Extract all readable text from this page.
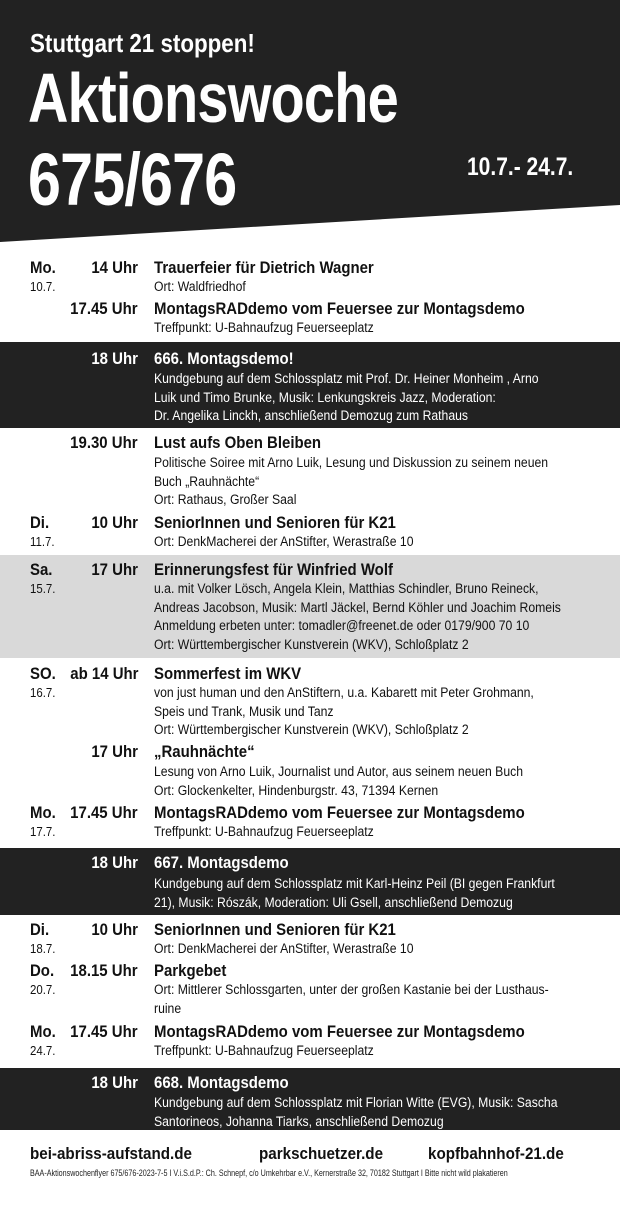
Stuttgart 21 stoppen!
Aktionswoche
675/676	10.7.- 24.7.
Mo.
10.7.
14 Uhr Trauerfeier für Dietrich Wagner
Ort: Waldfriedhof
17.45 Uhr MontagsRADdemo vom Feuersee zur Montagsdemo
Treffpunkt: U-Bahnaufzug Feuerseeplatz
18 Uhr 666. Montagsdemo!
Kundgebung auf dem Schlossplatz mit Prof. Dr. Heiner Monheim , Arno
Luik und Timo Brunke, Musik: Lenkungskreis Jazz, Moderation:
Dr. Angelika Linckh, anschließend Demozug zum Rathaus
19.30 Uhr Lust aufs Oben Bleiben
Politische Soiree mit Arno Luik, Lesung und Diskussion zu seinem neuen
Buch „Rauhnächte“
Ort: Rathaus, Großer Saal
Di.
11.7.
10 Uhr SeniorInnen und Senioren für K21
Ort: DenkMacherei der AnStifter, Werastraße 10
Sa.
15.7.
17 Uhr Erinnerungsfest für Winfried Wolf
u.a. mit Volker Lösch, Angela Klein, Matthias Schindler, Bruno Reineck,
Andreas Jacobson, Musik: Martl Jäckel, Bernd Köhler und Joachim Romeis
Anmeldung erbeten unter: tomadler@freenet.de oder 0179/900 70 10
Ort: Württembergischer Kunstverein (WKV), Schloßplatz 2
SO.
16.7.
ab 14 Uhr Sommerfest im WKV
von just human und den AnStiftern, u.a. Kabarett mit Peter Grohmann,
Speis und Trank, Musik und Tanz
Ort: Württembergischer Kunstverein (WKV), Schloßplatz 2
17 Uhr „Rauhnächte“
Lesung von Arno Luik, Journalist und Autor, aus seinem neuen Buch
Ort: Glockenkelter, Hindenburgstr. 43, 71394 Kernen
Mo.
17.7.
17.45 Uhr MontagsRADdemo vom Feuersee zur Montagsdemo
Treffpunkt: U-Bahnaufzug Feuerseeplatz
18 Uhr 667. Montagsdemo
Kundgebung auf dem Schlossplatz mit Karl-Heinz Peil (BI gegen Frankfurt
21), Musik: Rószák, Moderation: Uli Gsell, anschließend Demozug
Di.
18.7.
10 Uhr SeniorInnen und Senioren für K21
Ort: DenkMacherei der AnStifter, Werastraße 10
Do.
20.7.
18.15 Uhr Parkgebet
Ort: Mittlerer Schlossgarten, unter der großen Kastanie bei der Lusthaus-
ruine
Mo.
24.7.
17.45 Uhr MontagsRADdemo vom Feuersee zur Montagsdemo
Treffpunkt: U-Bahnaufzug Feuerseeplatz
18 Uhr 668. Montagsdemo
Kundgebung auf dem Schlossplatz mit Florian Witte (EVG), Musik: Sascha
Santorineos, Johanna Tiarks, anschließend Demozug
bei-abriss-aufstand.de	parkschuetzer.de	kopfbahnhof-21.de
BAA-Aktionswochenflyer 675/676-2023-7-5 I V.i.S.d.P.: Ch. Schnepf, c/o Umkehrbar e.V., Kernerstraße 32, 70182 Stuttgart I Bitte nicht wild plakatieren
